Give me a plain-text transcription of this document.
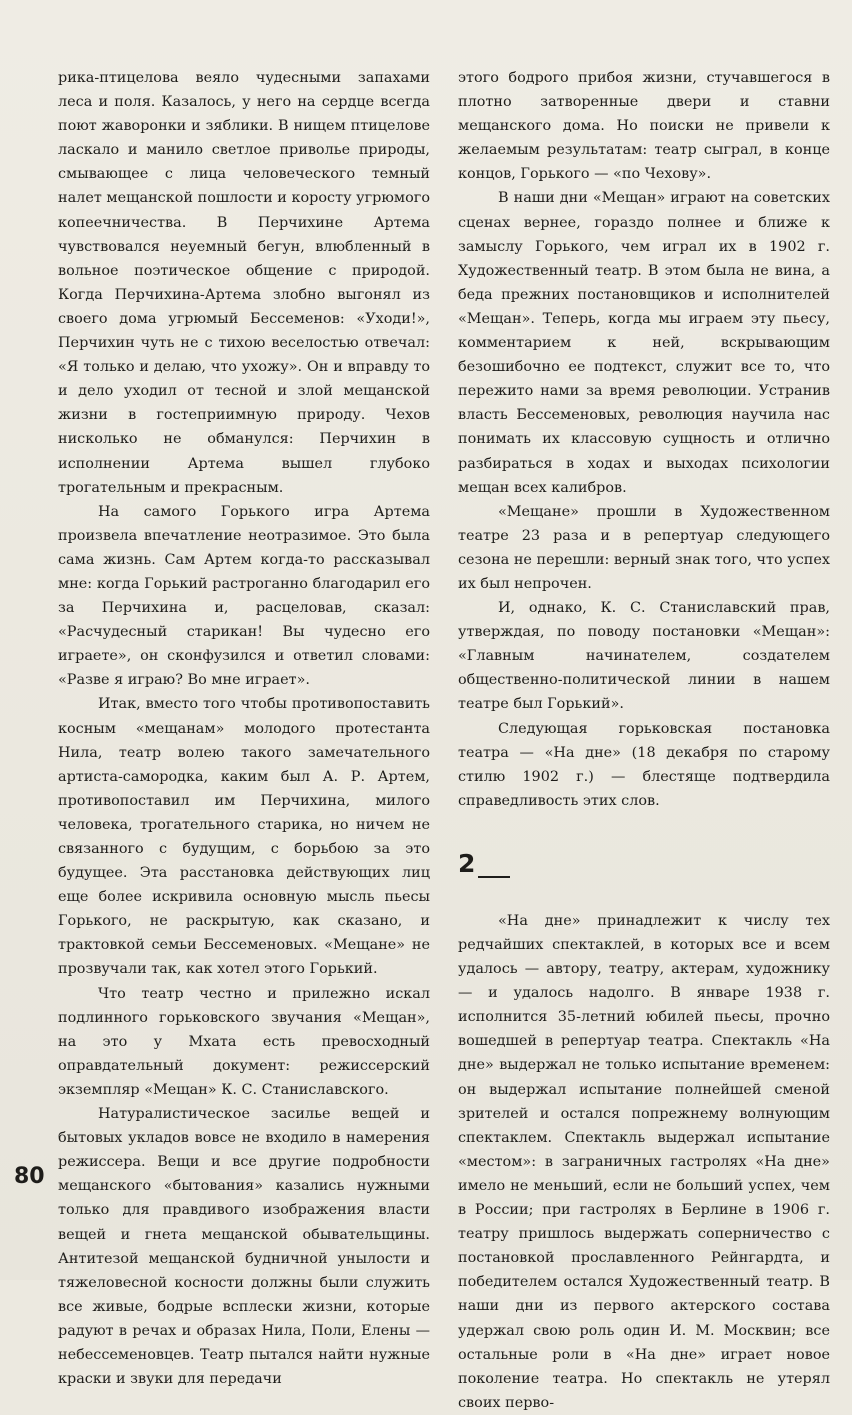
рика-птицелова веяло чудесными запахами леса и поля. Казалось, у него на сердце всегда поют жаворонки и зяблики. В нищем птицелове ласкало и манило светлое приволье природы, смывающее с лица человеческого темный налет мещанской пошлости и коросту угрюмого копеечничества. В Перчихине Артема чувствовался неуемный бегун, влюбленный в вольное поэтическое общение с природой. Когда Перчихина-Артема злобно выгонял из своего дома угрюмый Бессеменов: «Уходи!», Перчихин чуть не с тихою веселостью отвечал: «Я только и делаю, что ухожу». Он и вправду то и дело уходил от тесной и злой мещанской жизни в гостеприимную природу. Чехов нисколько не обманулся: Перчихин в исполнении Артема вышел глубоко трогательным и прекрасным.

На самого Горького игра Артема произвела впечатление неотразимое. Это была сама жизнь. Сам Артем когда-то рассказывал мне: когда Горький растроганно благодарил его за Перчихина и, расцеловав, сказал: «Расчудесный старикан! Вы чудесно его играете», он сконфузился и ответил словами: «Разве я играю? Во мне играет».

Итак, вместо того чтобы противопоставить косным «мещанам» молодого протестанта Нила, театр волею такого замечательного артиста-самородка, каким был А. Р. Артем, противопоставил им Перчихина, милого человека, трогательного старика, но ничем не связанного с будущим, с борьбою за это будущее. Эта расстановка действующих лиц еще более искривила основную мысль пьесы Горького, не раскрытую, как сказано, и трактовкой семьи Бессеменовых. «Мещане» не прозвучали так, как хотел этого Горький.

Что театр честно и прилежно искал подлинного горьковского звучания «Мещан», на это у Мхата есть превосходный оправдательный документ: режиссерский экземпляр «Мещан» К. С. Станиславского.

Натуралистическое засилье вещей и бытовых укладов вовсе не входило в намерения режиссера. Вещи и все другие подробности мещанского «бытования» казались нужными только для правдивого изображения власти вещей и гнета мещанской обывательщины. Антитезой мещанской будничной унылости и тяжеловесной косности должны были служить все живые, бодрые всплески жизни, которые радуют в речах и образах Нила, Поли, Елены — небессеменовцев. Театр пытался найти нужные краски и звуки для передачи

этого бодрого прибоя жизни, стучавшегося в плотно затворенные двери и ставни мещанского дома. Но поиски не привели к желаемым результатам: театр сыграл, в конце концов, Горького — «по Чехову».

В наши дни «Мещан» играют на советских сценах вернее, гораздо полнее и ближе к замыслу Горького, чем играл их в 1902 г. Художественный театр. В этом была не вина, а беда прежних постановщиков и исполнителей «Мещан». Теперь, когда мы играем эту пьесу, комментарием к ней, вскрывающим безошибочно ее подтекст, служит все то, что пережито нами за время революции. Устранив власть Бессеменовых, революция научила нас понимать их классовую сущность и отлично разбираться в ходах и выходах психологии мещан всех калибров.

«Мещане» прошли в Художественном театре 23 раза и в репертуар следующего сезона не перешли: верный знак того, что успех их был непрочен.

И, однако, К. С. Станиславский прав, утверждая, по поводу постановки «Мещан»: «Главным начинателем, создателем общественно-политической линии в нашем театре был Горький».

Следующая горьковская постановка театра — «На дне» (18 декабря по старому стилю 1902 г.) — блестяще подтвердила справедливость этих слов.

2

«На дне» принадлежит к числу тех редчайших спектаклей, в которых все и всем удалось — автору, театру, актерам, художнику — и удалось надолго. В январе 1938 г. исполнится 35-летний юбилей пьесы, прочно вошедшей в репертуар театра. Спектакль «На дне» выдержал не только испытание временем: он выдержал испытание полнейшей сменой зрителей и остался попрежнему волнующим спектаклем. Спектакль выдержал испытание «местом»: в заграничных гастролях «На дне» имело не меньший, если не больший успех, чем в России; при гастролях в Берлине в 1906 г. театру пришлось выдержать соперничество с постановкой прославленного Рейнгардта, и победителем остался Художественный театр. В наши дни из первого актерского состава удержал свою роль один И. М. Москвин; все остальные роли в «На дне» играет новое поколение театра. Но спектакль не утерял своих перво-

80
